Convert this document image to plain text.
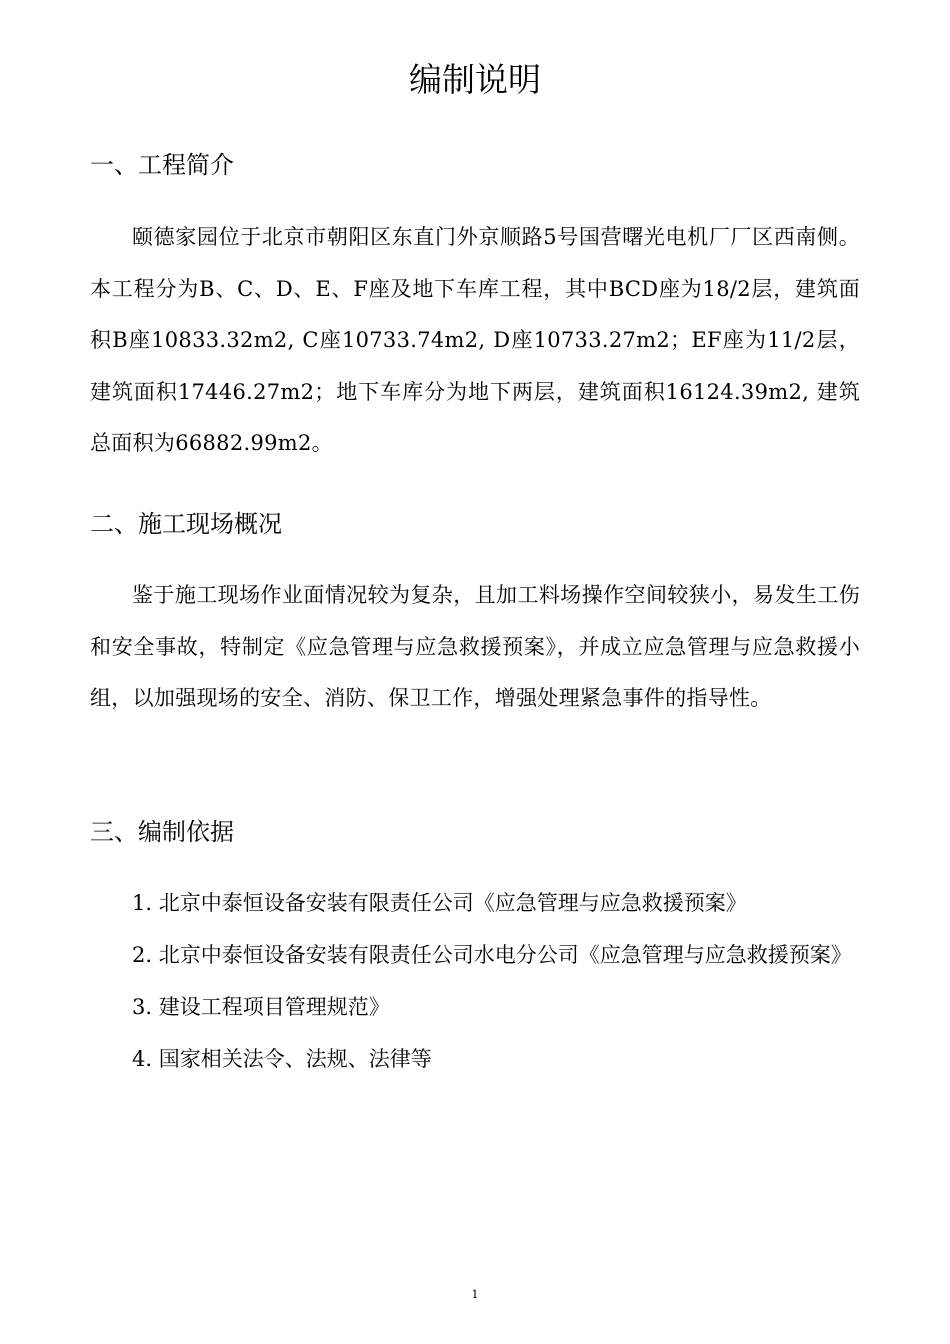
编制说明
一、工程简介

颐德家园位于北京市朝阳区东直门外京顺路5号国营曙光电机厂厂区西南侧。本工程分为B、C、D、E、F座及地下车库工程，其中BCD座为18/2层，建筑面积B座10833.32m2, C座10733.74m2, D座10733.27m2；EF座为11/2层，建筑面积17446.27m2；地下车库分为地下两层，建筑面积16124.39m2, 建筑总面积为66882.99m2。

二、施工现场概况

鉴于施工现场作业面情况较为复杂，且加工料场操作空间较狭小，易发生工伤和安全事故，特制定《应急管理与应急救援预案》，并成立应急管理与应急救援小组，以加强现场的安全、消防、保卫工作，增强处理紧急事件的指导性。

三、编制依据
1. 北京中泰恒设备安装有限责任公司《应急管理与应急救援预案》
2. 北京中泰恒设备安装有限责任公司水电分公司《应急管理与应急救援预案》
3. 建设工程项目管理规范》
4. 国家相关法令、法规、法律等
1
